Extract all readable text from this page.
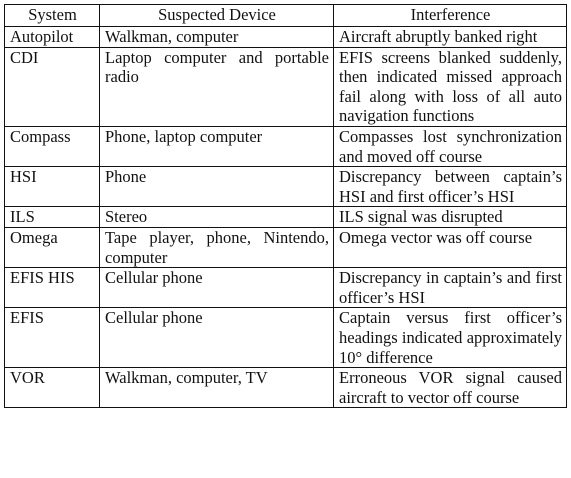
System	Suspected Device	Interference
Autopilot	Walkman, computer	Aircraft abruptly banked right
CDI	Laptop computer and portable radio	EFIS screens blanked suddenly, then indicated missed approach fail along with loss of all auto navigation functions
Compass	Phone, laptop computer	Compasses lost synchronization and moved off course
HSI	Phone	Discrepancy between captain’s HSI and first officer’s HSI
ILS	Stereo	ILS signal was disrupted
Omega	Tape player, phone, Nintendo, computer	Omega vector was off course
EFIS HIS	Cellular phone	Discrepancy in captain’s and first officer’s HSI
EFIS	Cellular phone	Captain versus first officer’s headings indicated approximately 10° difference
VOR	Walkman, computer, TV	Erroneous VOR signal caused aircraft to vector off course
